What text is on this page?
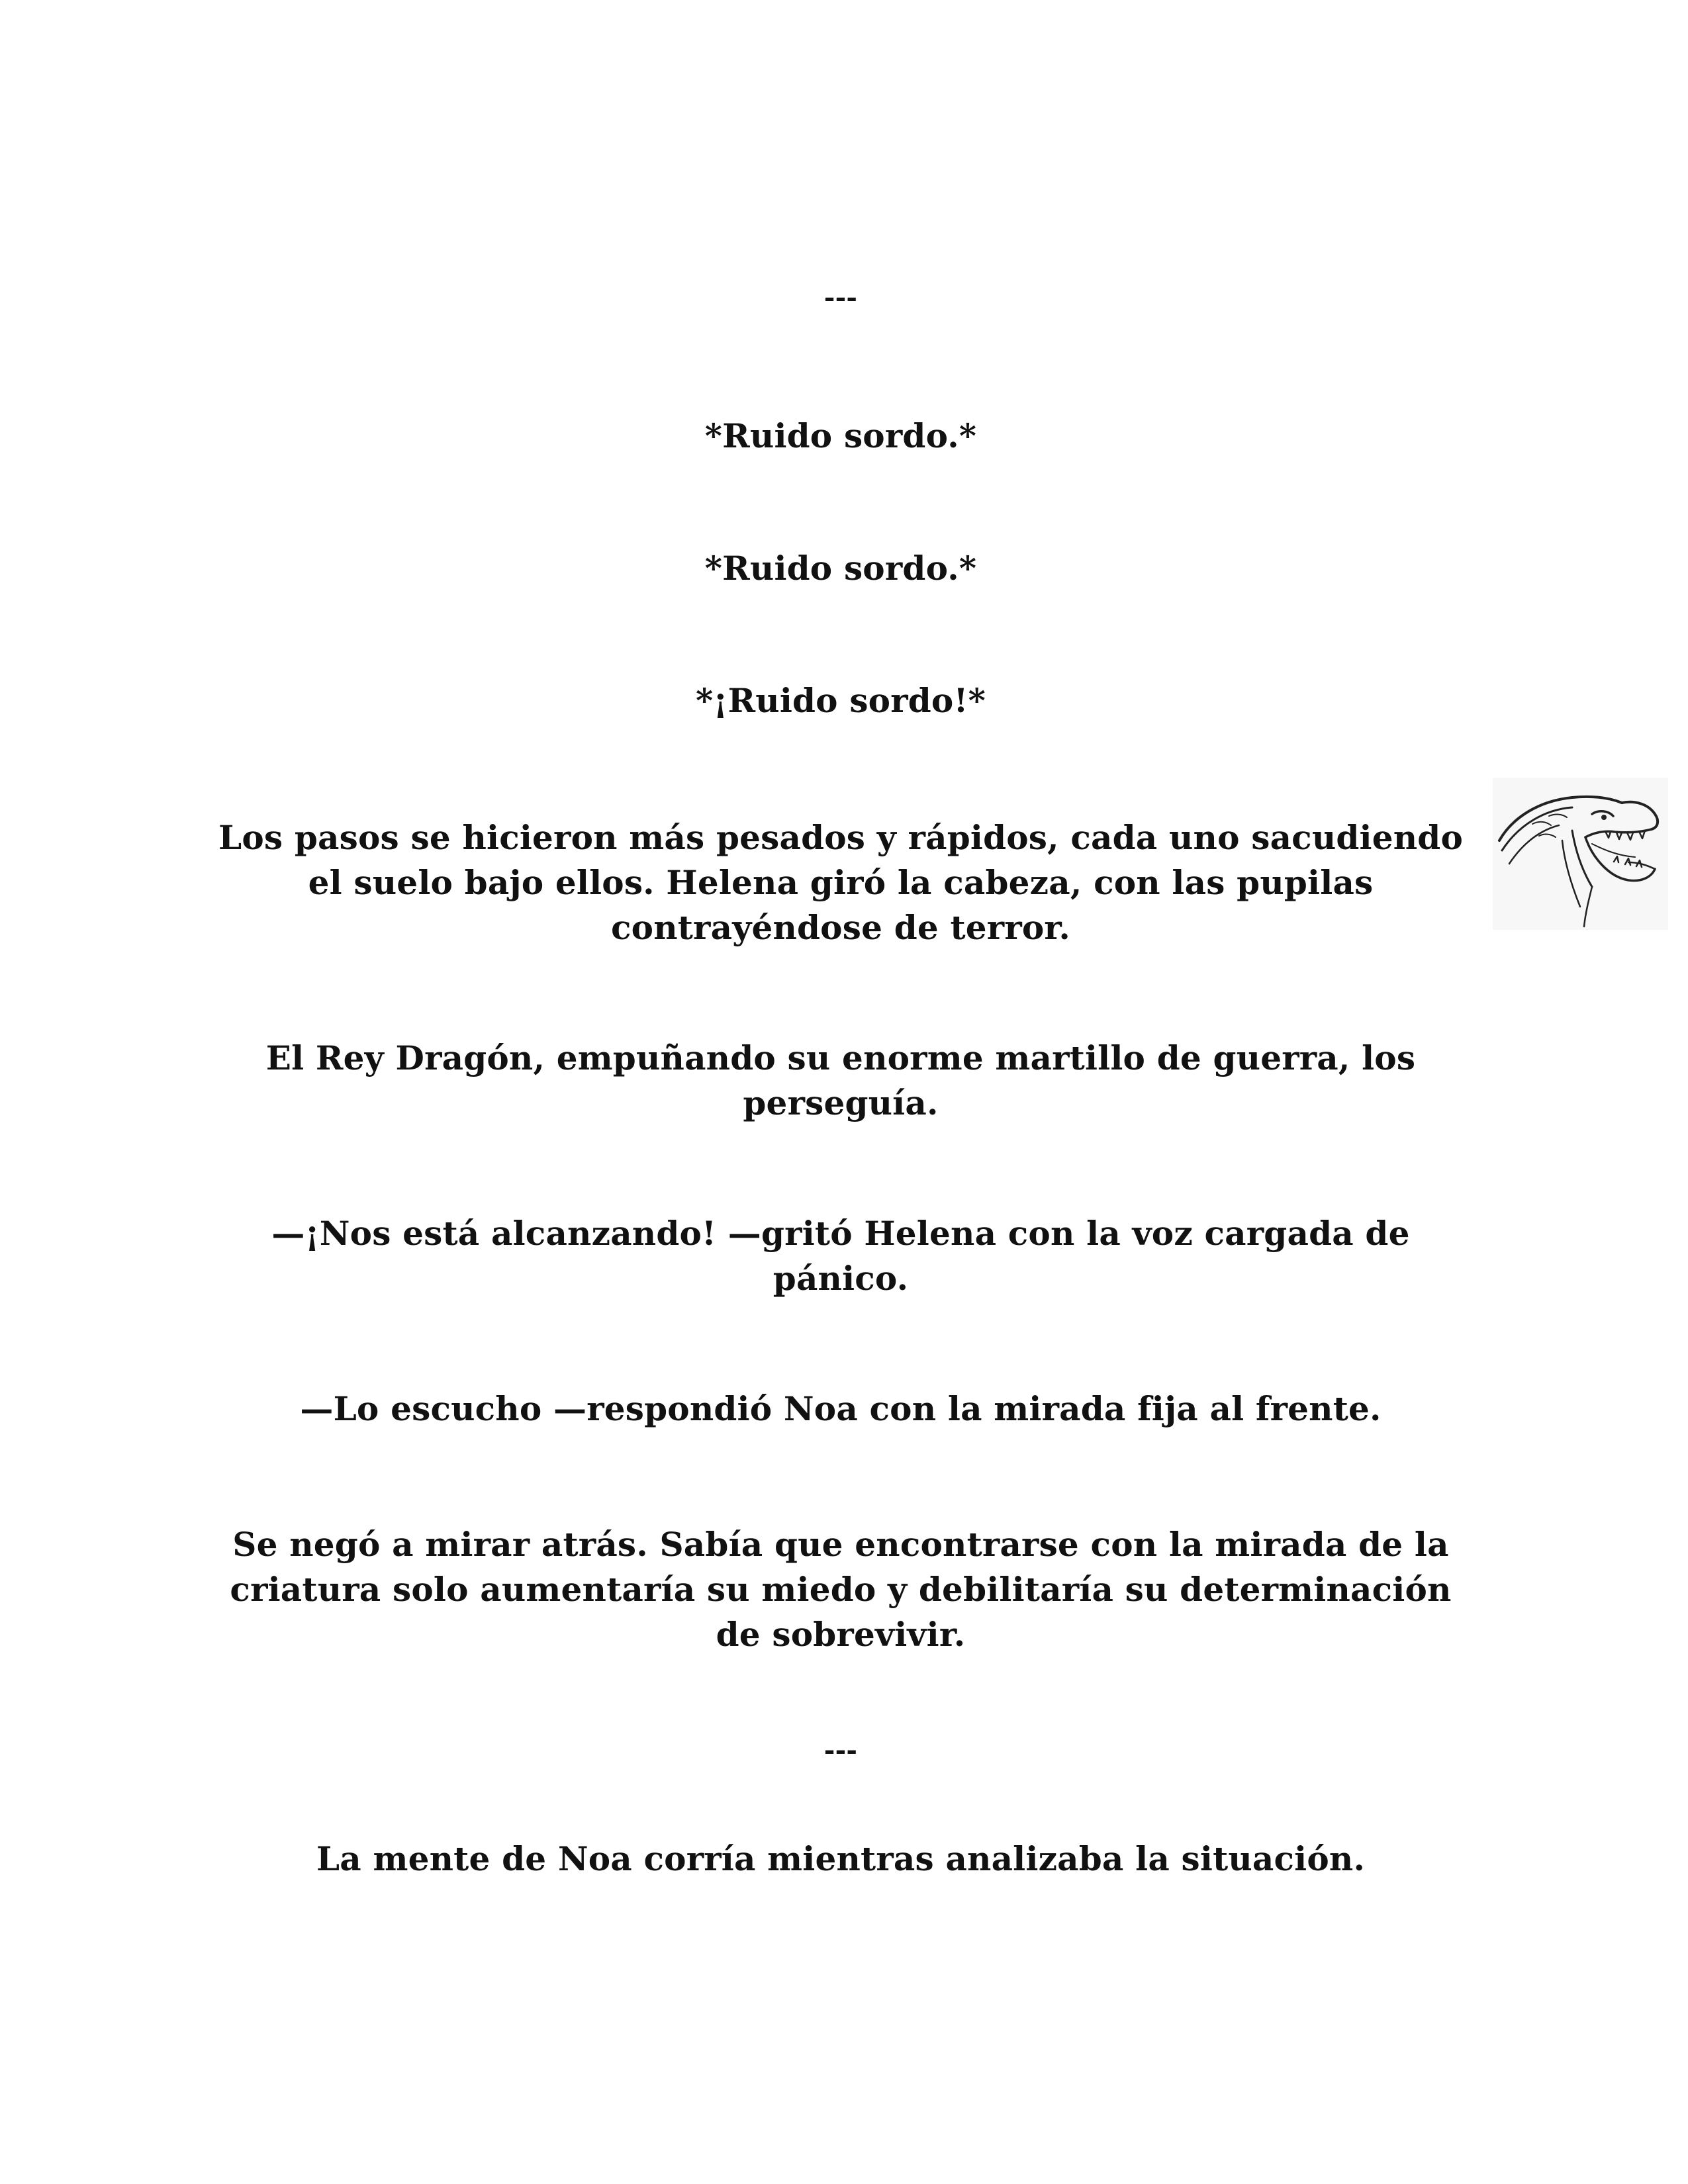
---

*Ruido sordo.*

*Ruido sordo.*

*¡Ruido sordo!*

Los pasos se hicieron más pesados y rápidos, cada uno sacudiendo el suelo bajo ellos. Helena giró la cabeza, con las pupilas contrayéndose de terror.

El Rey Dragón, empuñando su enorme martillo de guerra, los perseguía.

—¡Nos está alcanzando! —gritó Helena con la voz cargada de pánico.

—Lo escucho —respondió Noa con la mirada fija al frente.

Se negó a mirar atrás. Sabía que encontrarse con la mirada de la criatura solo aumentaría su miedo y debilitaría su determinación de sobrevivir.

---

La mente de Noa corría mientras analizaba la situación.
